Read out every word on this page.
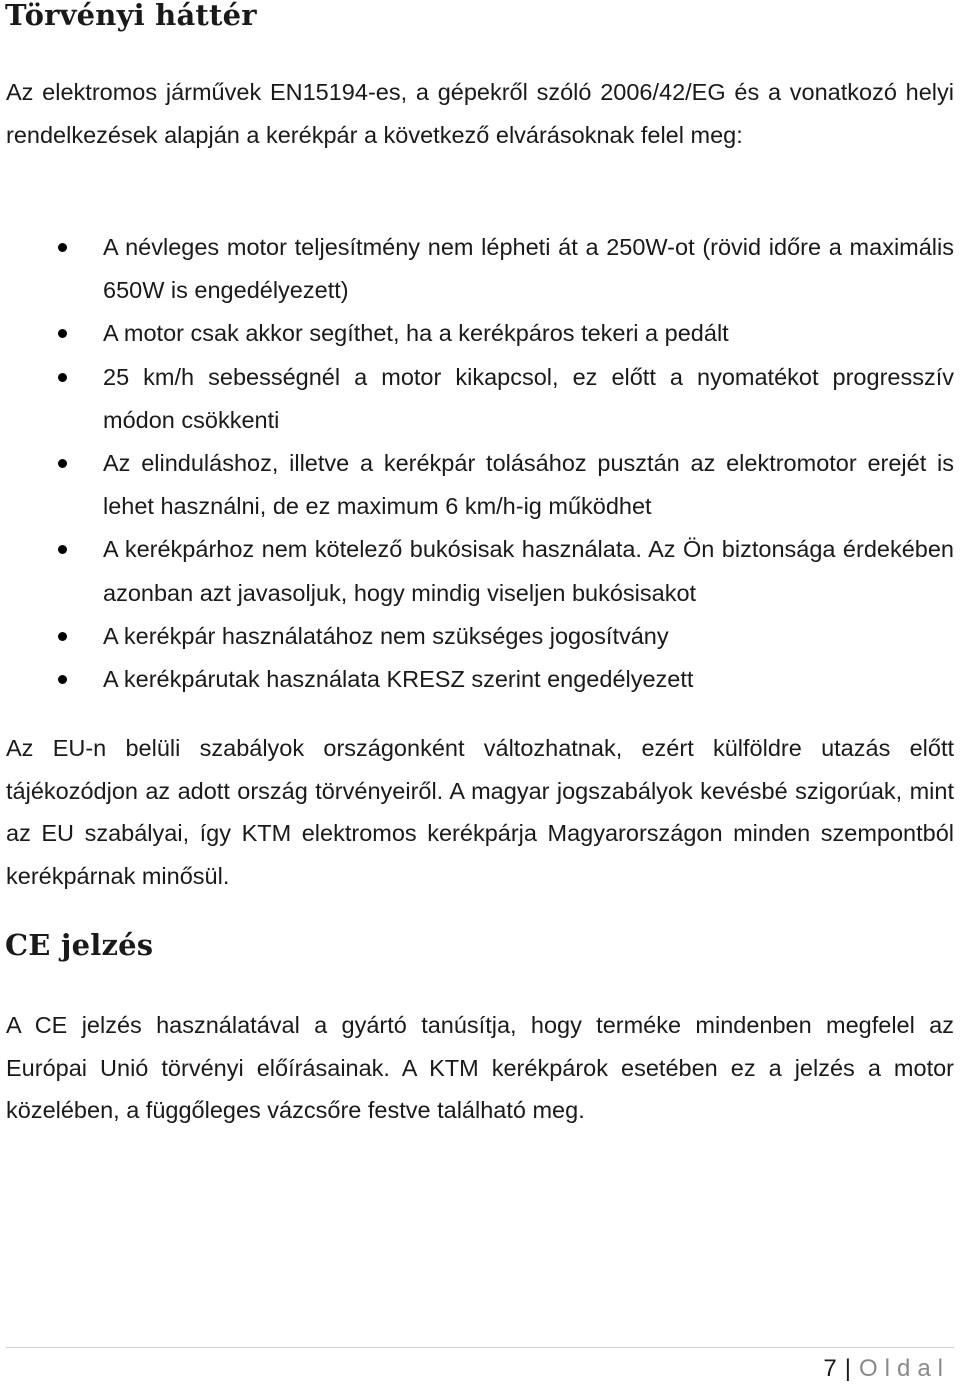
Törvényi háttér

Az elektromos járművek EN15194-es, a gépekről szóló 2006/42/EG és a vonatkozó helyi rendelkezések alapján a kerékpár a következő elvárásoknak felel meg:

A névleges motor teljesítmény nem lépheti át a 250W-ot (rövid időre a maximális 650W is engedélyezett)
A motor csak akkor segíthet, ha a kerékpáros tekeri a pedált
25 km/h sebességnél a motor kikapcsol, ez előtt a nyomatékot progresszív módon csökkenti
Az elinduláshoz, illetve a kerékpár tolásához pusztán az elektromotor erejét is lehet használni, de ez maximum 6 km/h-ig működhet
A kerékpárhoz nem kötelező bukósisak használata. Az Ön biztonsága érdekében azonban azt javasoljuk, hogy mindig viseljen bukósisakot
A kerékpár használatához nem szükséges jogosítvány
A kerékpárutak használata KRESZ szerint engedélyezett

Az EU-n belüli szabályok országonként változhatnak, ezért külföldre utazás előtt tájékozódjon az adott ország törvényeiről. A magyar jogszabályok kevésbé szigorúak, mint az EU szabályai, így KTM elektromos kerékpárja Magyarországon minden szempontból kerékpárnak minősül.

CE jelzés

A CE jelzés használatával a gyártó tanúsítja, hogy terméke mindenben megfelel az Európai Unió törvényi előírásainak. A KTM kerékpárok esetében ez a jelzés a motor közelében, a függőleges vázcsőre festve található meg.

7 | Oldal
